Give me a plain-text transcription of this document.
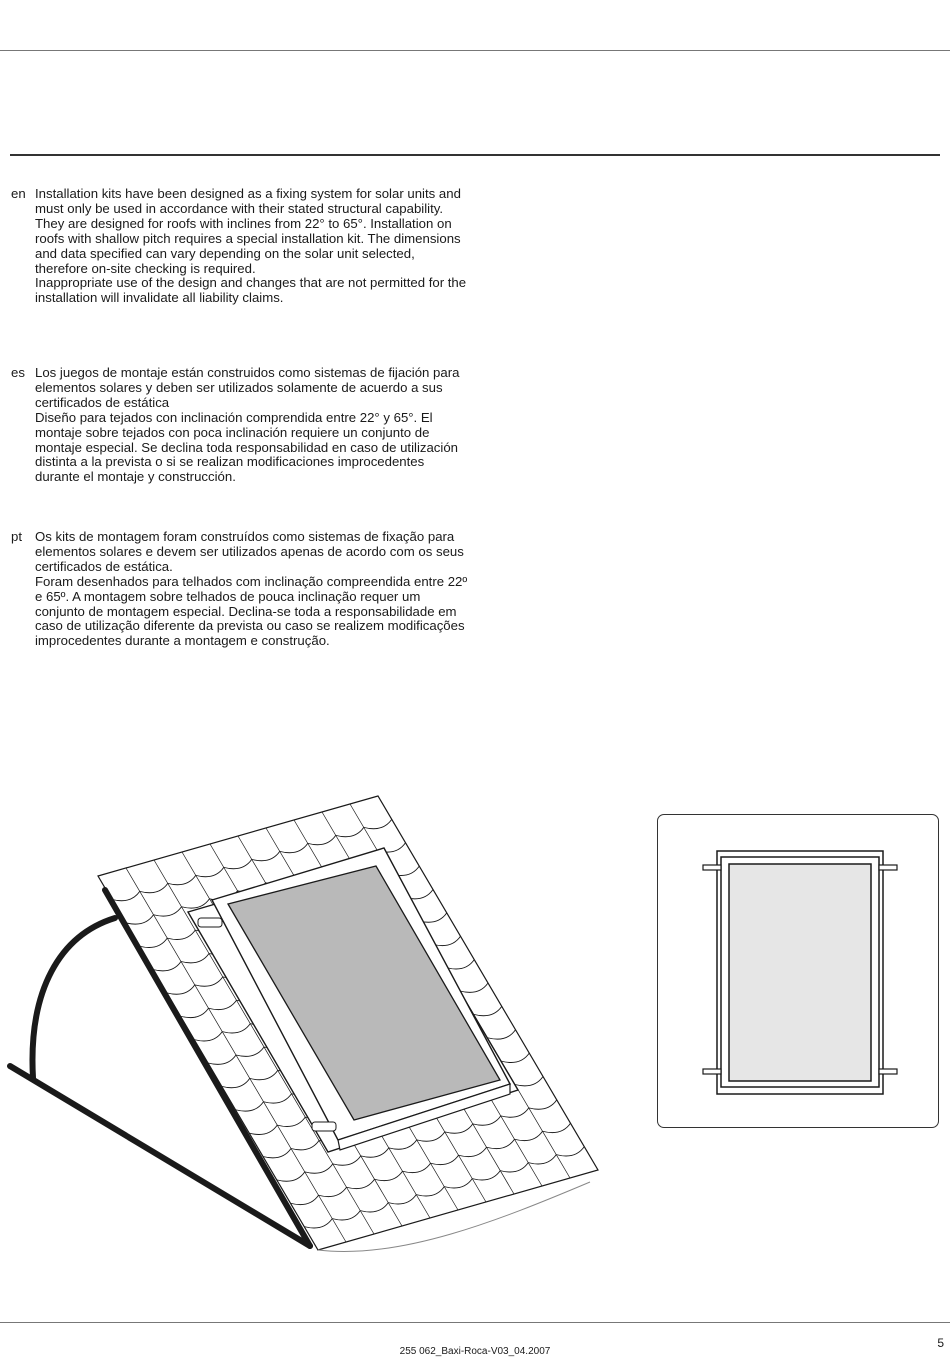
en Installation kits have been designed as a fixing system for solar units and must only be used in accordance with their stated structural capability. They are designed for roofs with inclines from 22° to 65°. Installation on roofs with shallow pitch requires a special installation kit. The dimensions and data specified can vary depending on the solar unit selected, therefore on-site checking is required.

Inappropriate use of the design and changes that are not permitted for the installation will invalidate all liability claims.

es Los juegos de montaje están construidos como sistemas de fijación para elementos solares y deben ser utilizados solamente de acuerdo a sus certificados de estática

Diseño para tejados con inclinación comprendida entre 22° y 65°. El montaje sobre tejados con poca inclinación requiere un conjunto de montaje especial. Se declina toda responsabilidad en caso de utilización distinta a la prevista o si se realizan modificaciones improcedentes durante el montaje y construcción.

pt Os kits de montagem foram construídos como sistemas de fixação para elementos solares e devem ser utilizados apenas de acordo com os seus certificados de estática.

Foram desenhados para telhados com inclinação compreendida entre 22º e 65º. A montagem sobre telhados de pouca inclinação requer um conjunto de montagem especial. Declina-se toda a responsabilidade em caso de utilização diferente da prevista ou caso se realizem modificações improcedentes durante a montagem e construção.

5
255 062_Baxi-Roca-V03_04.2007
